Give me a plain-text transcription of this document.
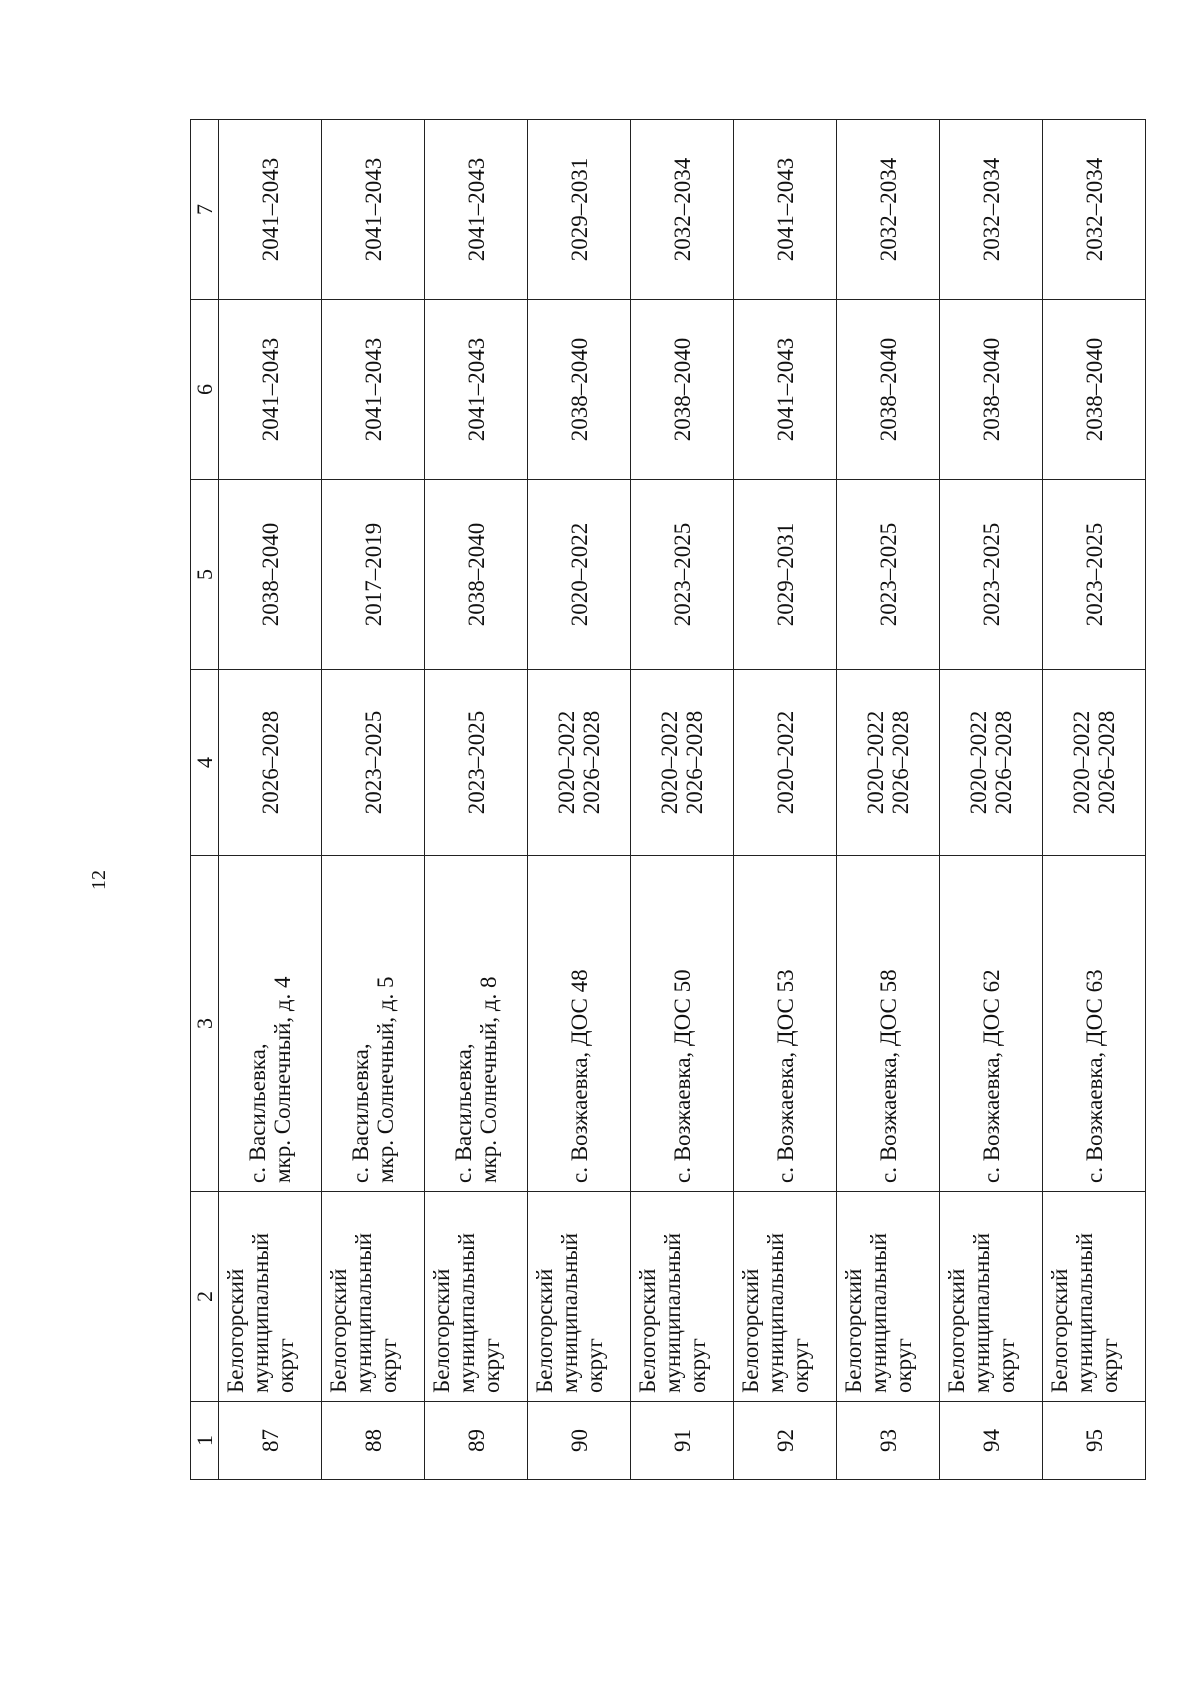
12
1	2	3	4	5	6	7
87	Белогорский муниципальный округ	с. Васильевка, мкр. Солнечный, д. 4	2026–2028	2038–2040	2041–2043	2041–2043
88	Белогорский муниципальный округ	с. Васильевка, мкр. Солнечный, д. 5	2023–2025	2017–2019	2041–2043	2041–2043
89	Белогорский муниципальный округ	с. Васильевка, мкр. Солнечный, д. 8	2023–2025	2038–2040	2041–2043	2041–2043
90	Белогорский муниципальный округ	с. Возжаевка, ДОС 48	2020–2022 2026–2028	2020–2022	2038–2040	2029–2031
91	Белогорский муниципальный округ	с. Возжаевка, ДОС 50	2020–2022 2026–2028	2023–2025	2038–2040	2032–2034
92	Белогорский муниципальный округ	с. Возжаевка, ДОС 53	2020–2022	2029–2031	2041–2043	2041–2043
93	Белогорский муниципальный округ	с. Возжаевка, ДОС 58	2020–2022 2026–2028	2023–2025	2038–2040	2032–2034
94	Белогорский муниципальный округ	с. Возжаевка, ДОС 62	2020–2022 2026–2028	2023–2025	2038–2040	2032–2034
95	Белогорский муниципальный округ	с. Возжаевка, ДОС 63	2020–2022 2026–2028	2023–2025	2038–2040	2032–2034
